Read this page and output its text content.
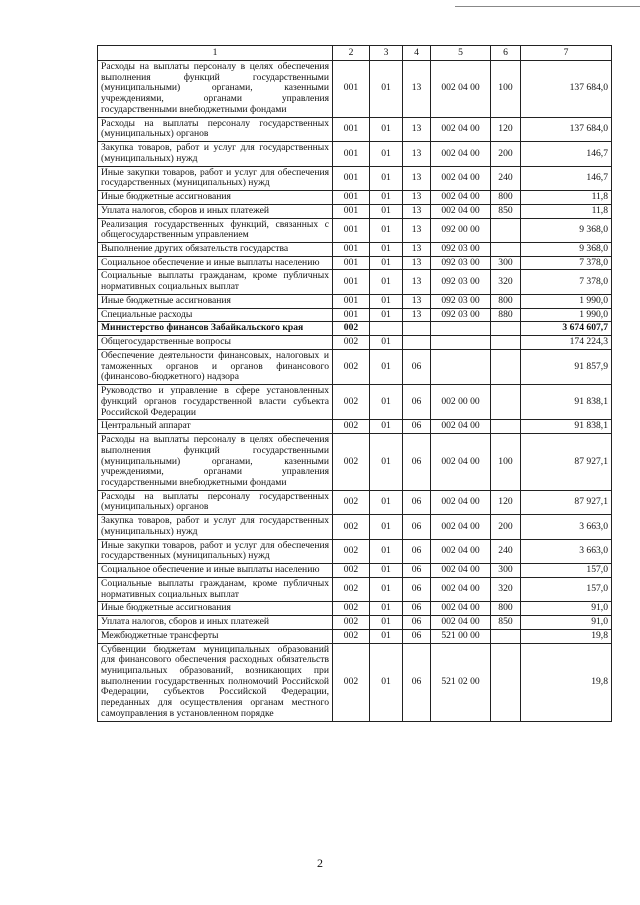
1	2	3	4	5	6	7
Расходы на выплаты персоналу в целях обеспечения выполнения функций государственными (муниципальными) органами, казенными учреждениями, органами управления государственными внебюджетными фондами	001	01	13	002 04 00	100	137 684,0
Расходы на выплаты персоналу государственных (муниципальных) органов	001	01	13	002 04 00	120	137 684,0
Закупка товаров, работ и услуг для государственных (муниципальных) нужд	001	01	13	002 04 00	200	146,7
Иные закупки товаров, работ и услуг для обеспечения государственных (муниципальных) нужд	001	01	13	002 04 00	240	146,7
Иные бюджетные ассигнования	001	01	13	002 04 00	800	11,8
Уплата налогов, сборов и иных платежей	001	01	13	002 04 00	850	11,8
Реализация государственных функций, связанных с общегосударственным управлением	001	01	13	092 00 00		9 368,0
Выполнение других обязательств государства	001	01	13	092 03 00		9 368,0
Социальное обеспечение и иные выплаты населению	001	01	13	092 03 00	300	7 378,0
Социальные выплаты гражданам, кроме публичных нормативных социальных выплат	001	01	13	092 03 00	320	7 378,0
Иные бюджетные ассигнования	001	01	13	092 03 00	800	1 990,0
Специальные расходы	001	01	13	092 03 00	880	1 990,0
Министерство финансов Забайкальского края	002					3 674 607,7
Общегосударственные вопросы	002	01				174 224,3
Обеспечение деятельности финансовых, налоговых и таможенных органов и органов финансового (финансово-бюджетного) надзора	002	01	06			91 857,9
Руководство и управление в сфере установленных функций органов государственной власти субъекта Российской Федерации	002	01	06	002 00 00		91 838,1
Центральный аппарат	002	01	06	002 04 00		91 838,1
Расходы на выплаты персоналу в целях обеспечения выполнения функций государственными (муниципальными) органами, казенными учреждениями, органами управления государственными внебюджетными фондами	002	01	06	002 04 00	100	87 927,1
Расходы на выплаты персоналу государственных (муниципальных) органов	002	01	06	002 04 00	120	87 927,1
Закупка товаров, работ и услуг для государственных (муниципальных) нужд	002	01	06	002 04 00	200	3 663,0
Иные закупки товаров, работ и услуг для обеспечения государственных (муниципальных) нужд	002	01	06	002 04 00	240	3 663,0
Социальное обеспечение и иные выплаты населению	002	01	06	002 04 00	300	157,0
Социальные выплаты гражданам, кроме публичных нормативных социальных выплат	002	01	06	002 04 00	320	157,0
Иные бюджетные ассигнования	002	01	06	002 04 00	800	91,0
Уплата налогов, сборов и иных платежей	002	01	06	002 04 00	850	91,0
Межбюджетные трансферты	002	01	06	521 00 00		19,8
Субвенции бюджетам муниципальных образований для финансового обеспечения расходных обязательств муниципальных образований, возникающих при выполнении государственных полномочий Российской Федерации, субъектов Российской Федерации, переданных для осуществления органам местного самоуправления в установленном порядке	002	01	06	521 02 00		19,8
2
